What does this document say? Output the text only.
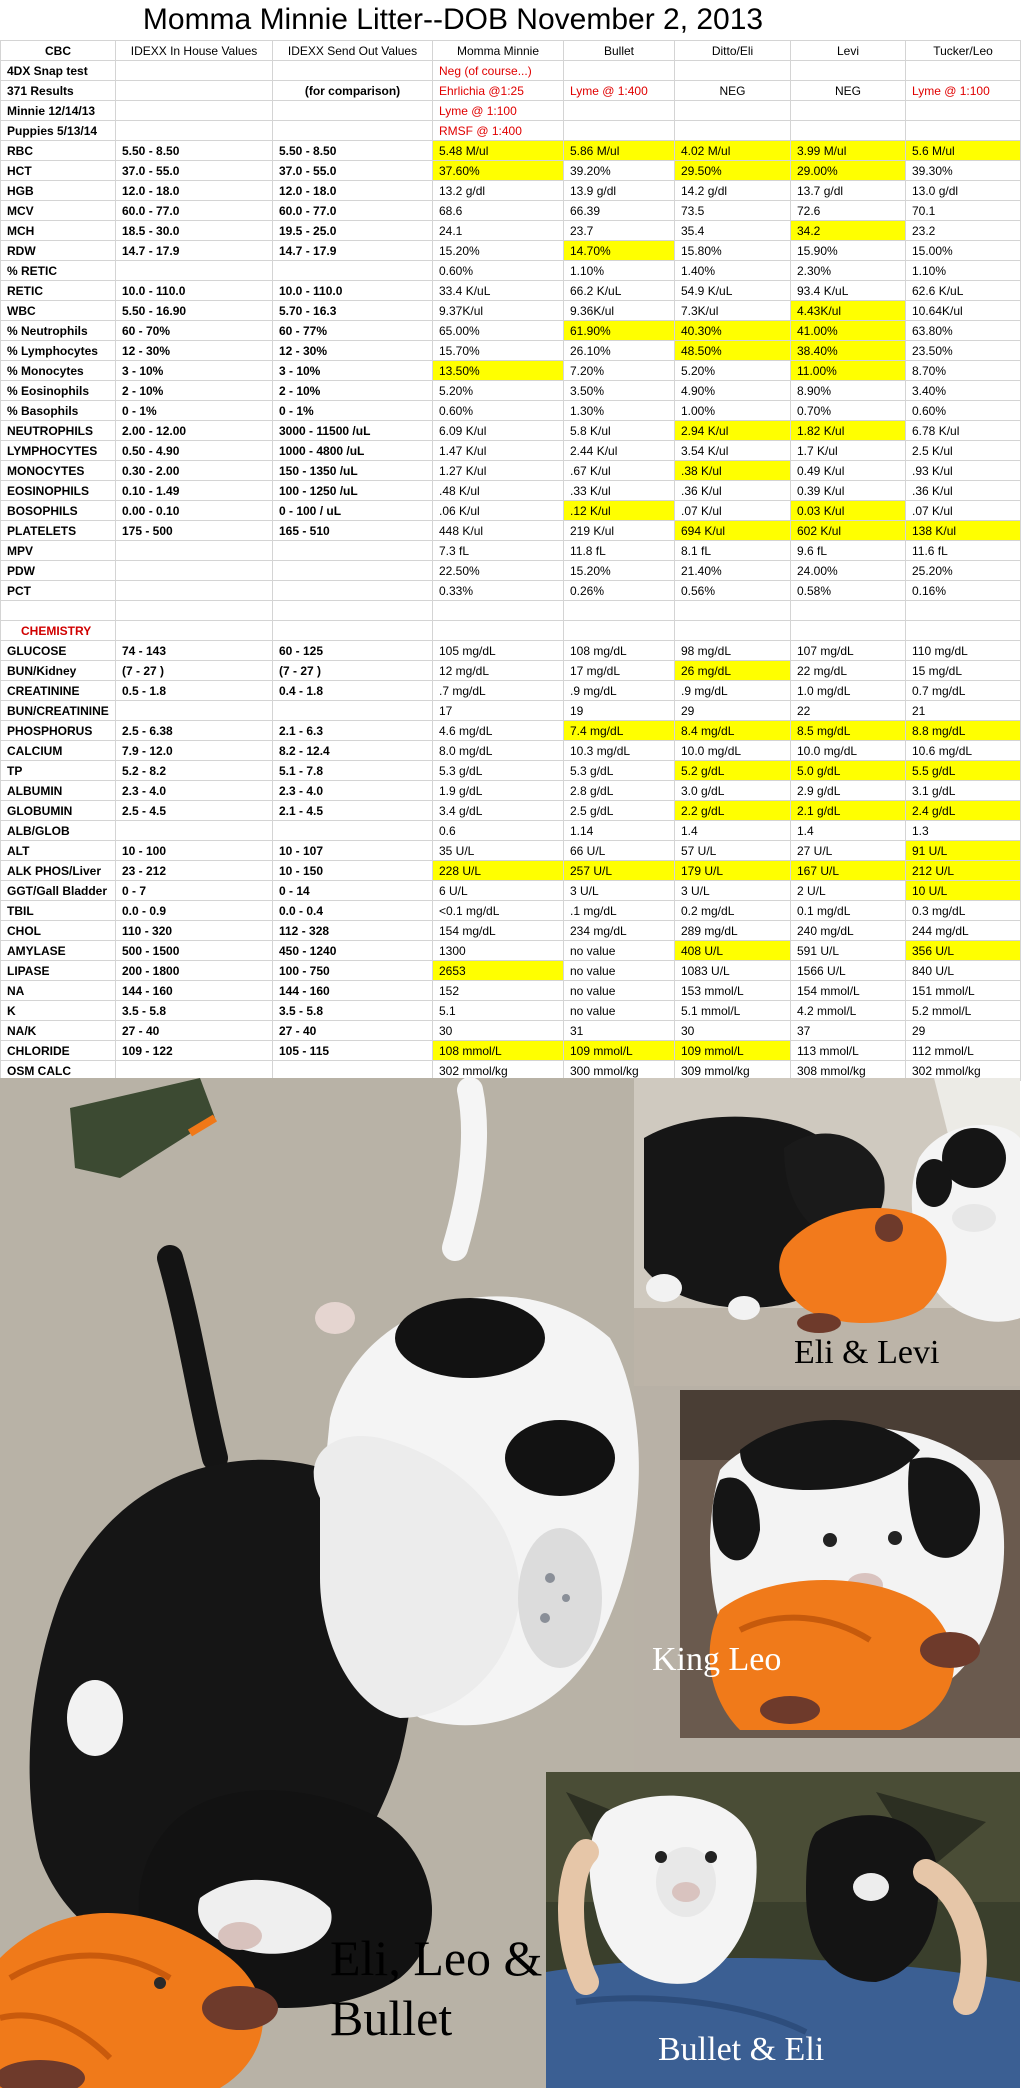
Momma Minnie Litter--DOB November 2, 2013
CBC	IDEXX In House Values	IDEXX Send Out Values	Momma Minnie	Bullet	Ditto/Eli	Levi	Tucker/Leo
4DX Snap test			Neg (of course...)				
371 Results		(for comparison)	Ehrlichia @1:25	Lyme @ 1:400	NEG	NEG	Lyme @ 1:100
Minnie 12/14/13			Lyme @ 1:100				
Puppies 5/13/14			RMSF @ 1:400				
RBC	5.50 - 8.50	5.50 - 8.50	5.48 M/ul	5.86 M/ul	4.02 M/ul	3.99 M/ul	5.6 M/ul
HCT	37.0 - 55.0	37.0 - 55.0	37.60%	39.20%	29.50%	29.00%	39.30%
HGB	12.0 - 18.0	12.0 - 18.0	13.2 g/dl	13.9 g/dl	14.2 g/dl	13.7 g/dl	13.0 g/dl
MCV	60.0 - 77.0	60.0 - 77.0	68.6	66.39	73.5	72.6	70.1
MCH	18.5 - 30.0	19.5 - 25.0	24.1	23.7	35.4	34.2	23.2
RDW	14.7 - 17.9	14.7 - 17.9	15.20%	14.70%	15.80%	15.90%	15.00%
% RETIC			0.60%	1.10%	1.40%	2.30%	1.10%
RETIC	10.0 - 110.0	10.0 - 110.0	33.4 K/uL	66.2 K/uL	54.9 K/uL	93.4 K/uL	62.6 K/uL
WBC	5.50 - 16.90	5.70 - 16.3	9.37K/ul	9.36K/ul	7.3K/ul	4.43K/ul	10.64K/ul
% Neutrophils	60 - 70%	60 - 77%	65.00%	61.90%	40.30%	41.00%	63.80%
% Lymphocytes	12 - 30%	12 - 30%	15.70%	26.10%	48.50%	38.40%	23.50%
% Monocytes	3 - 10%	3 - 10%	13.50%	7.20%	5.20%	11.00%	8.70%
% Eosinophils	2 - 10%	2 - 10%	5.20%	3.50%	4.90%	8.90%	3.40%
% Basophils	0 - 1%	0 - 1%	0.60%	1.30%	1.00%	0.70%	0.60%
NEUTROPHILS	2.00 - 12.00	3000 - 11500 /uL	6.09 K/ul	5.8 K/ul	2.94 K/ul	1.82 K/ul	6.78 K/ul
LYMPHOCYTES	0.50 - 4.90	1000 - 4800 /uL	1.47 K/ul	2.44 K/ul	3.54 K/ul	1.7 K/ul	2.5 K/ul
MONOCYTES	0.30 - 2.00	150 - 1350 /uL	1.27 K/ul	.67 K/ul	.38 K/ul	0.49 K/ul	.93 K/ul
EOSINOPHILS	0.10 - 1.49	100 - 1250 /uL	.48 K/ul	.33 K/ul	.36 K/ul	0.39 K/ul	.36 K/ul
BOSOPHILS	0.00 - 0.10	0 - 100 / uL	.06 K/ul	.12 K/ul	.07 K/ul	0.03 K/ul	.07 K/ul
PLATELETS	175 - 500	165 - 510	448 K/ul	219 K/ul	694 K/ul	602 K/ul	138 K/ul
MPV			7.3 fL	11.8 fL	8.1 fL	9.6 fL	11.6 fL
PDW			22.50%	15.20%	21.40%	24.00%	25.20%
PCT			0.33%	0.26%	0.56%	0.58%	0.16%

CHEMISTRY							
GLUCOSE	74 - 143	60 - 125	105 mg/dL	108 mg/dL	98 mg/dL	107 mg/dL	110 mg/dL
BUN/Kidney	(7 - 27 )	(7 - 27 )	12 mg/dL	17 mg/dL	26 mg/dL	22 mg/dL	15 mg/dL
CREATININE	0.5 - 1.8	0.4 - 1.8	.7 mg/dL	.9 mg/dL	.9 mg/dL	1.0 mg/dL	0.7 mg/dL
BUN/CREATININE			17	19	29	22	21
PHOSPHORUS	2.5 - 6.38	2.1 - 6.3	4.6 mg/dL	7.4 mg/dL	8.4 mg/dL	8.5 mg/dL	8.8 mg/dL
CALCIUM	7.9 - 12.0	8.2 - 12.4	8.0 mg/dL	10.3 mg/dL	10.0 mg/dL	10.0 mg/dL	10.6 mg/dL
TP	5.2 - 8.2	5.1 - 7.8	5.3 g/dL	5.3 g/dL	5.2 g/dL	5.0 g/dL	5.5 g/dL
ALBUMIN	2.3 - 4.0	2.3 - 4.0	1.9 g/dL	2.8 g/dL	3.0 g/dL	2.9 g/dL	3.1 g/dL
GLOBUMIN	2.5 - 4.5	2.1 - 4.5	3.4 g/dL	2.5 g/dL	2.2 g/dL	2.1 g/dL	2.4 g/dL
ALB/GLOB			0.6	1.14	1.4	1.4	1.3
ALT	10 - 100	10 - 107	35 U/L	66 U/L	57 U/L	27 U/L	91 U/L
ALK PHOS/Liver	23 - 212	10 - 150	228 U/L	257 U/L	179 U/L	167 U/L	212 U/L
GGT/Gall Bladder	0 - 7	0 - 14	6 U/L	3 U/L	3 U/L	2 U/L	10 U/L
TBIL	0.0 - 0.9	0.0 - 0.4	<0.1 mg/dL	.1 mg/dL	0.2 mg/dL	0.1 mg/dL	0.3 mg/dL
CHOL	110 - 320	112 - 328	154 mg/dL	234 mg/dL	289 mg/dL	240 mg/dL	244 mg/dL
AMYLASE	500 - 1500	450 - 1240	1300	no value	408 U/L	591 U/L	356 U/L
LIPASE	200 - 1800	100 - 750	2653	no value	1083 U/L	1566 U/L	840 U/L
NA	144 - 160	144 - 160	152	no value	153 mmol/L	154 mmol/L	151 mmol/L
K	3.5 - 5.8	3.5 - 5.8	5.1	no value	5.1 mmol/L	4.2 mmol/L	5.2 mmol/L
NA/K	27 - 40	27 - 40	30	31	30	37	29
CHLORIDE	109 - 122	105 - 115	108 mmol/L	109 mmol/L	109 mmol/L	113 mmol/L	112 mmol/L
OSM CALC			302 mmol/kg	300 mmol/kg	309 mmol/kg	308 mmol/kg	302 mmol/kg
Eli, Leo & Bullet
Eli & Levi
King Leo
Bullet & Eli
